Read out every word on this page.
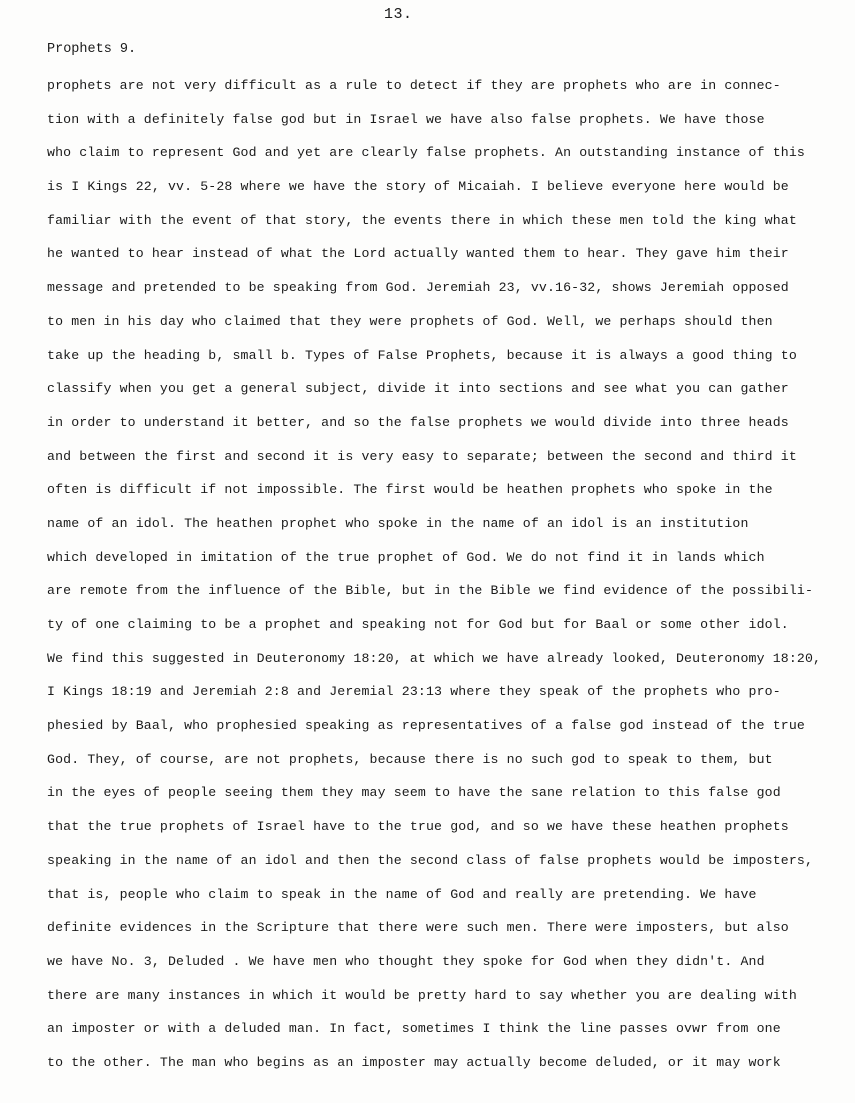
13.
Prophets 9.
prophets are not very difficult as a rule to detect if they are prophets who are in connec-
tion with a definitely false god but in Israel we have also false prophets. We have those
who claim to represent God and yet are clearly false prophets. An outstanding instance of this
is I Kings 22, vv. 5-28 where we have the story of Micaiah. I believe everyone here would be
familiar with the event of that story, the events there in which these men told the king what
he wanted to hear instead of what the Lord actually wanted them to hear. They gave him their
message and pretended to be speaking from God. Jeremiah 23, vv.16-32, shows Jeremiah opposed
to men in his day who claimed that they were prophets of God. Well, we perhaps should then
take up the heading b, small b. Types of False Prophets, because it is always a good thing to
classify when you get a general subject, divide it into sections and see what you can gather
in order to understand it better, and so the false prophets we would divide into three heads
and between the first and second it is very easy to separate; between the second and third it
often is difficult if not impossible. The first would be heathen prophets who spoke in the
name of an idol. The heathen prophet who spoke in the name of an idol is an institution
which developed in imitation of the true prophet of God. We do not find it in lands which
are remote from the influence of the Bible, but in the Bible we find evidence of the possibili-
ty of one claiming to be a prophet and speaking not for God but for Baal or some other idol.
We find this suggested in Deuteronomy 18:20, at which we have already looked, Deuteronomy 18:20,
I Kings 18:19 and Jeremiah 2:8 and Jeremial 23:13 where they speak of the prophets who pro-
phesied by Baal, who prophesied speaking as representatives of a false god instead of the true
God. They, of course, are not prophets, because there is no such god to speak to them, but
in the eyes of people seeing them they may seem to have the sane relation to this false god
that the true prophets of Israel have to the true god, and so we have these heathen prophets
speaking in the name of an idol and then the second class of false prophets would be imposters,
that is, people who claim to speak in the name of God and really are pretending. We have
definite evidences in the Scripture that there were such men. There were imposters, but also
we have No. 3, Deluded . We have men who thought they spoke for God when they didn't. And
there are many instances in which it would be pretty hard to say whether you are dealing with
an imposter or with a deluded man. In fact, sometimes I think the line passes ovwr from one
to the other. The man who begins as an imposter may actually become deluded, or it may work
